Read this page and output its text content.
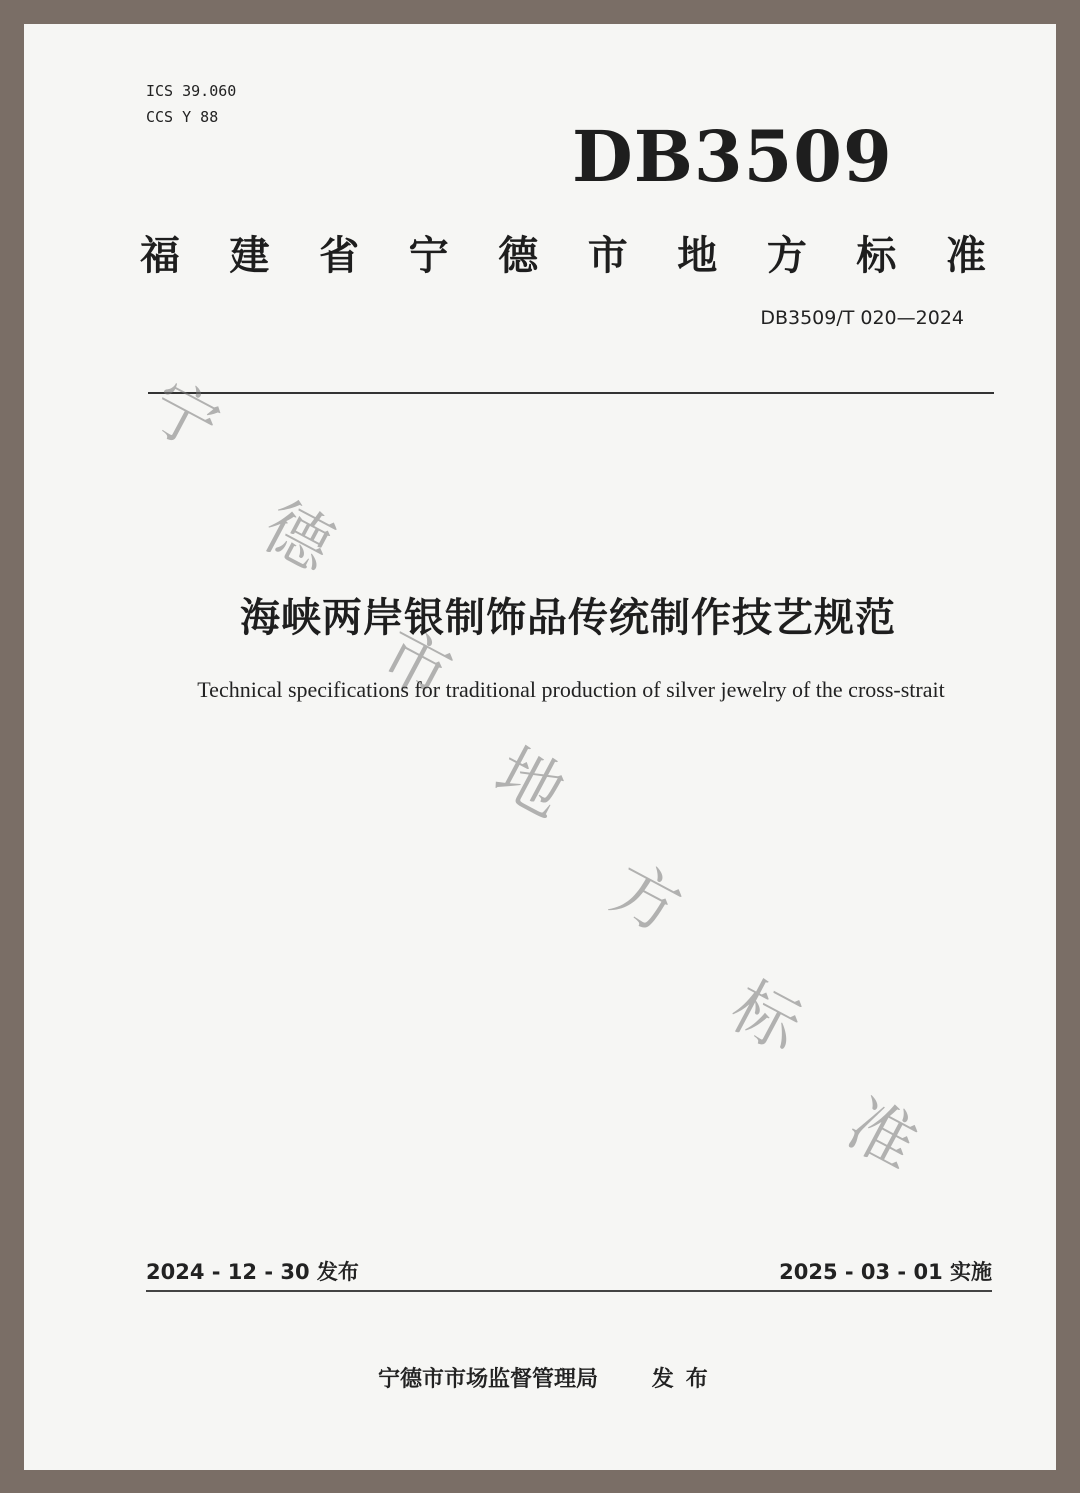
ICS 39.060
CCS Y 88	DB3509
福 建 省 宁 德 市 地 方 标 准
DB3509/T 020—2024
宁
德
市
地
方
标
准
海峡两岸银制饰品传统制作技艺规范
Technical specifications for traditional production of silver jewelry of the cross-strait
2024 - 12 - 30 发布	2025 - 03 - 01 实施
宁德市市场监督管理局 发布
